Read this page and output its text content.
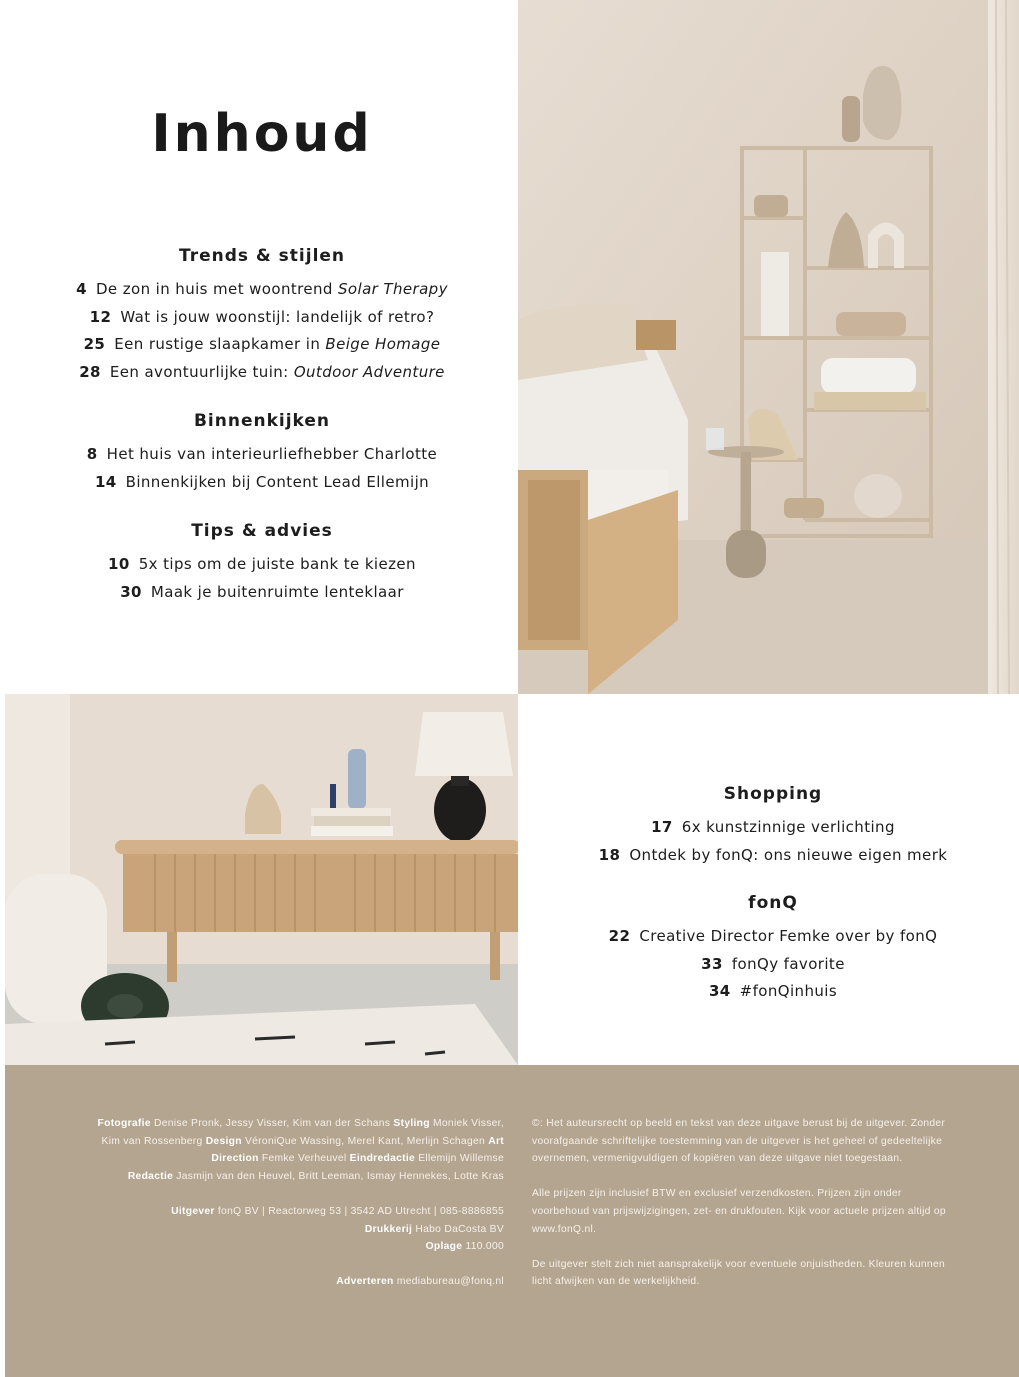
Inhoud
Trends & stijlen
4 De zon in huis met woontrend Solar Therapy
12 Wat is jouw woonstijl: landelijk of retro?
25 Een rustige slaapkamer in Beige Homage
28 Een avontuurlijke tuin: Outdoor Adventure
Binnenkijken
8 Het huis van interieurliefhebber Charlotte
14 Binnenkijken bij Content Lead Ellemijn
Tips & advies
10 5x tips om de juiste bank te kiezen
30 Maak je buitenruimte lenteklaar
Shopping
17 6x kunstzinnige verlichting
18 Ontdek by fonQ: ons nieuwe eigen merk
fonQ
22 Creative Director Femke over by fonQ
33 fonQy favorite
34 #fonQinhuis

Fotografie Denise Pronk, Jessy Visser, Kim van der Schans Styling Moniek Visser, Kim van Rossenberg Design VéroniQue Wassing, Merel Kant, Merlijn Schagen Art Direction Femke Verheuvel Eindredactie Ellemijn Willemse
Redactie Jasmijn van den Heuvel, Britt Leeman, Ismay Hennekes, Lotte Kras

Uitgever fonQ BV | Reactorweg 53 | 3542 AD Utrecht | 085-8886855
Drukkerij Habo DaCosta BV
Oplage 110.000

Adverteren mediabureau@fonq.nl

©: Het auteursrecht op beeld en tekst van deze uitgave berust bij de uitgever. Zonder voorafgaande schriftelijke toestemming van de uitgever is het geheel of gedeeltelijke overnemen, vermenigvuldigen of kopiëren van deze uitgave niet toegestaan.

Alle prijzen zijn inclusief BTW en exclusief verzendkosten. Prijzen zijn onder voorbehoud van prijswijzigingen, zet- en drukfouten. Kijk voor actuele prijzen altijd op www.fonQ.nl.

De uitgever stelt zich niet aansprakelijk voor eventuele onjuistheden. Kleuren kunnen licht afwijken van de werkelijkheid.
